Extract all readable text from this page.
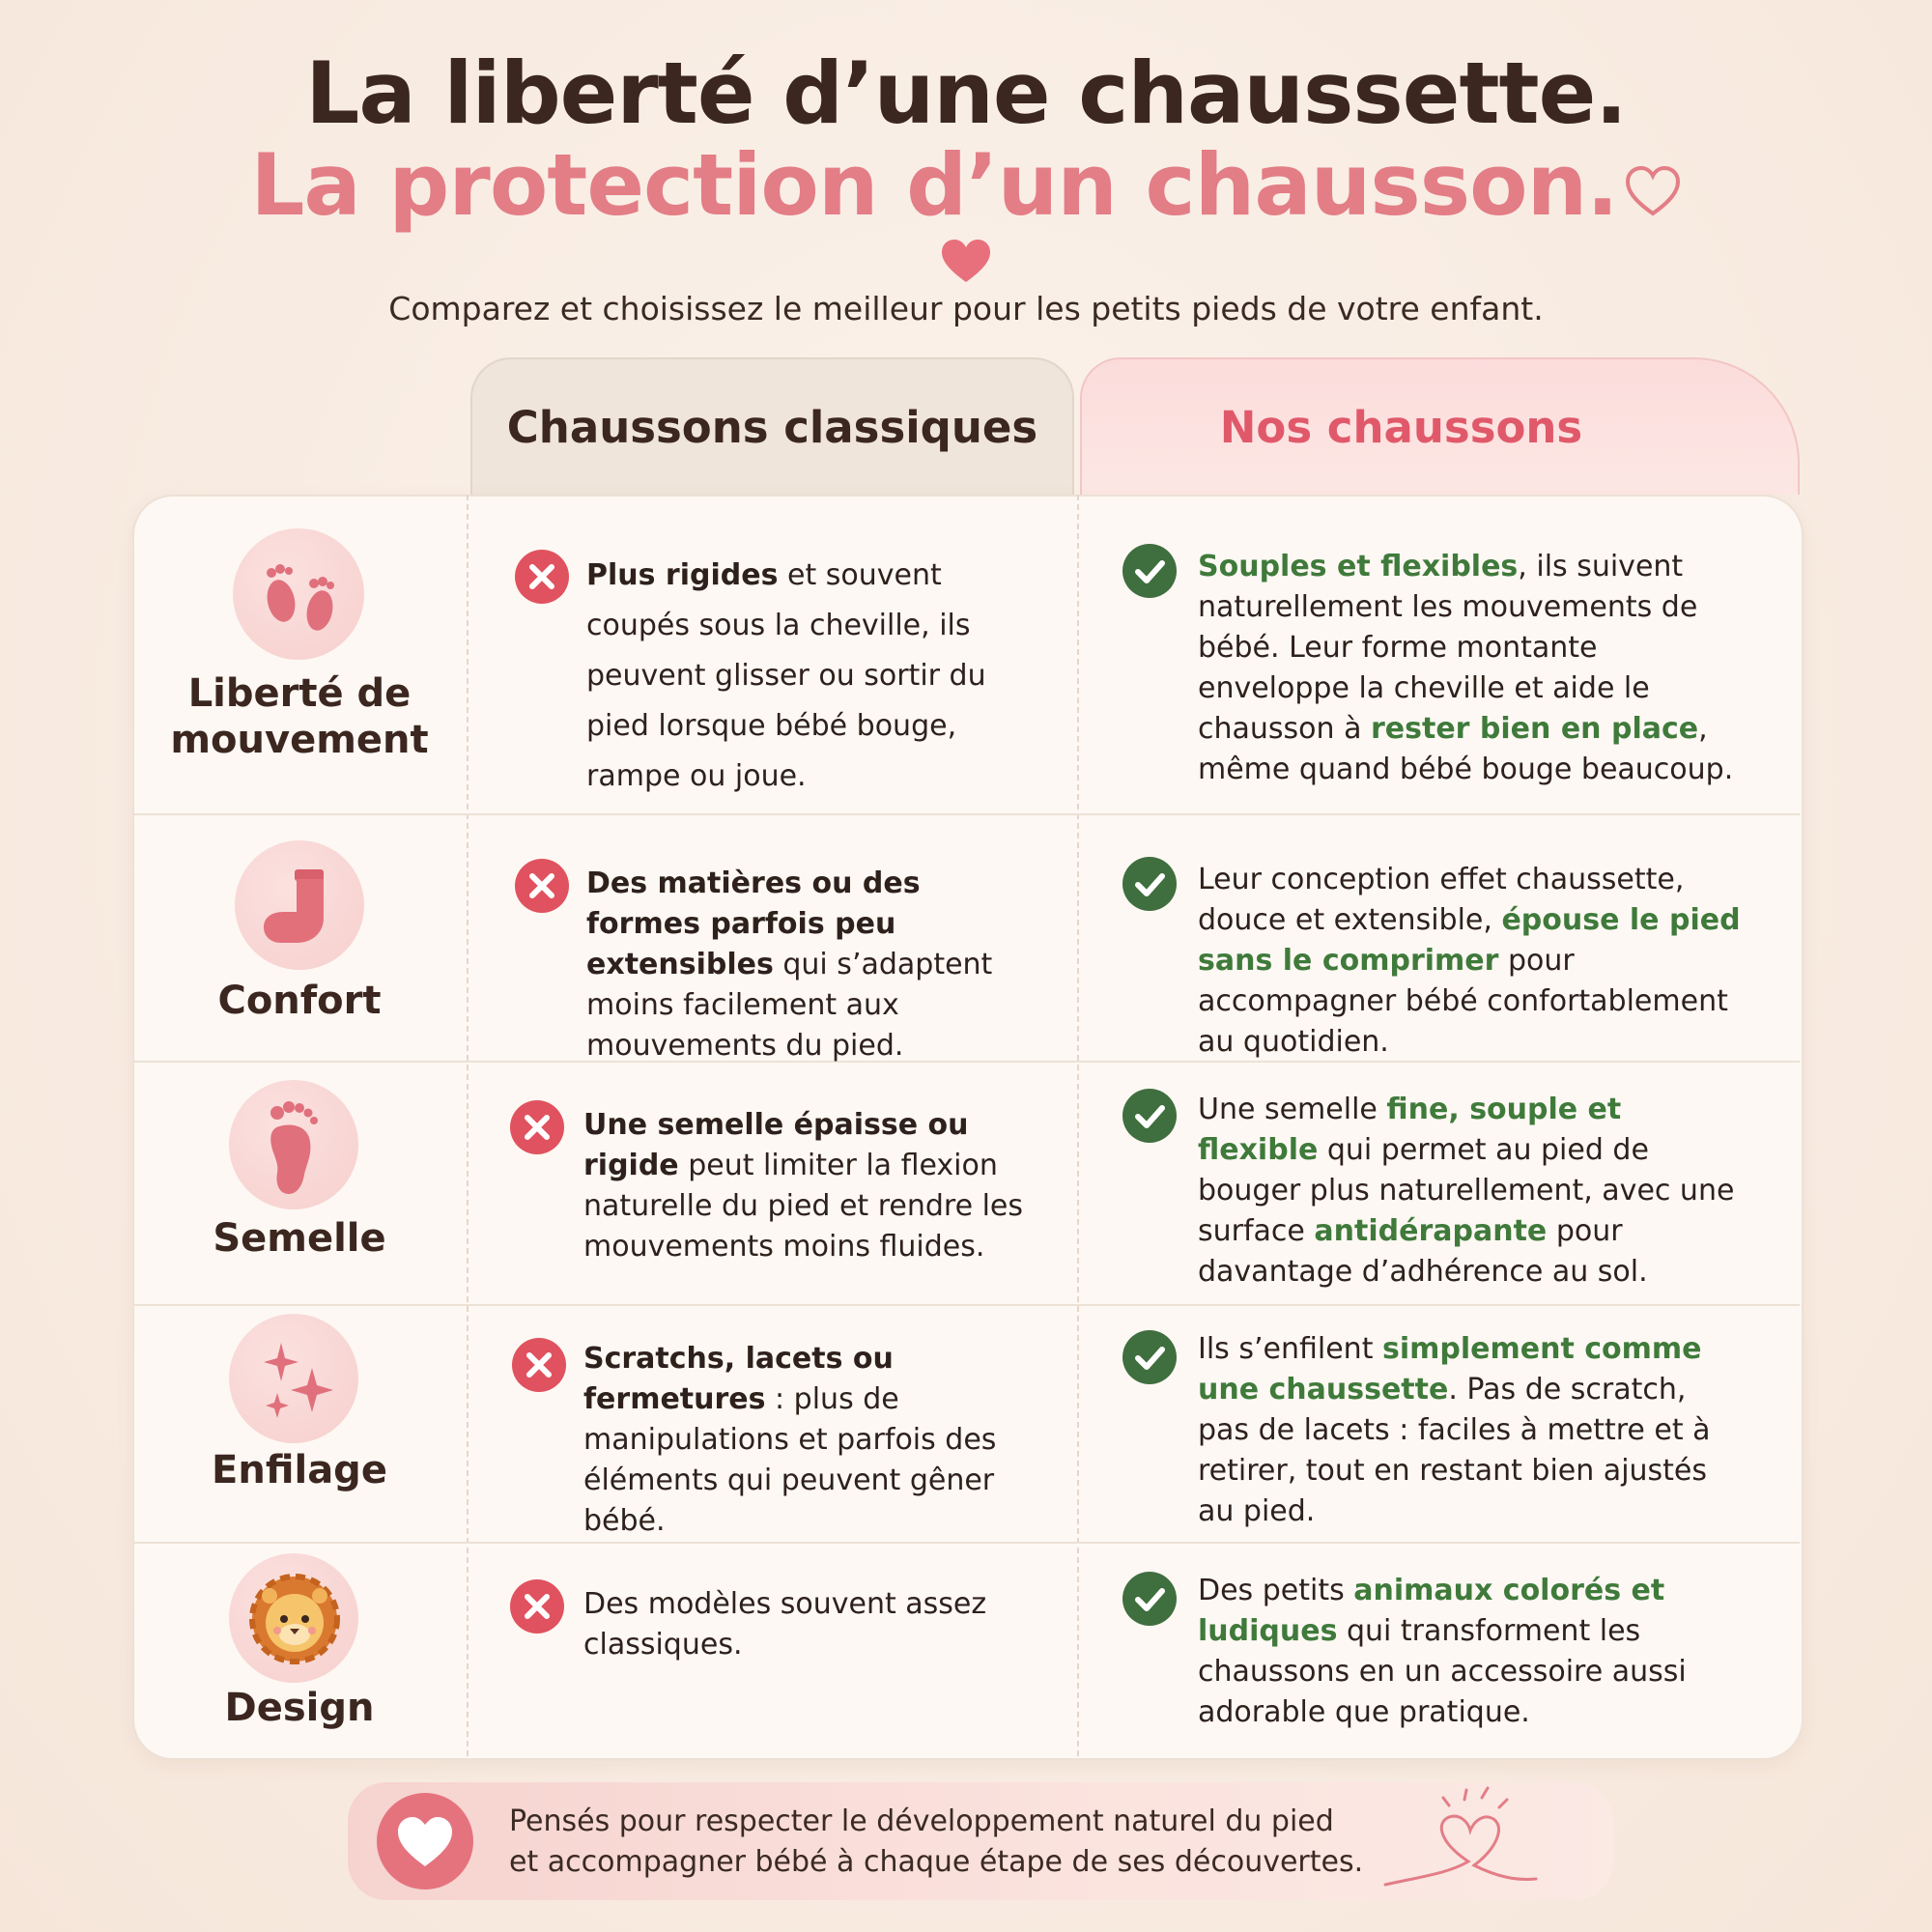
La liberté d’une chaussette.
La protection d’un chausson.
Comparez et choisissez le meilleur pour les petits pieds de votre enfant.
Chaussons classiques	Nos chaussons
Liberté de
mouvement
Plus rigides et souvent coupés sous la cheville, ils peuvent glisser ou sortir du pied lorsque bébé bouge, rampe ou joue.
Souples et flexibles, ils suivent naturellement les mouvements de bébé. Leur forme montante enveloppe la cheville et aide le chausson à rester bien en place, même quand bébé bouge beaucoup.
Confort
Des matières ou des formes parfois peu extensibles qui s’adaptent moins facilement aux mouvements du pied.
Leur conception effet chaussette, douce et extensible, épouse le pied sans le comprimer pour accompagner bébé confortablement au quotidien.
Semelle
Une semelle épaisse ou rigide peut limiter la flexion naturelle du pied et rendre les mouvements moins fluides.
Une semelle fine, souple et flexible qui permet au pied de bouger plus naturellement, avec une surface antidérapante pour davantage d’adhérence au sol.
Enfilage
Scratchs, lacets ou fermetures : plus de manipulations et parfois des éléments qui peuvent gêner bébé.
Ils s’enfilent simplement comme une chaussette. Pas de scratch, pas de lacets : faciles à mettre et à retirer, tout en restant bien ajustés au pied.
Design
Des modèles souvent assez classiques.
Des petits animaux colorés et ludiques qui transforment les chaussons en un accessoire aussi adorable que pratique.
Pensés pour respecter le développement naturel du pied
et accompagner bébé à chaque étape de ses découvertes.
